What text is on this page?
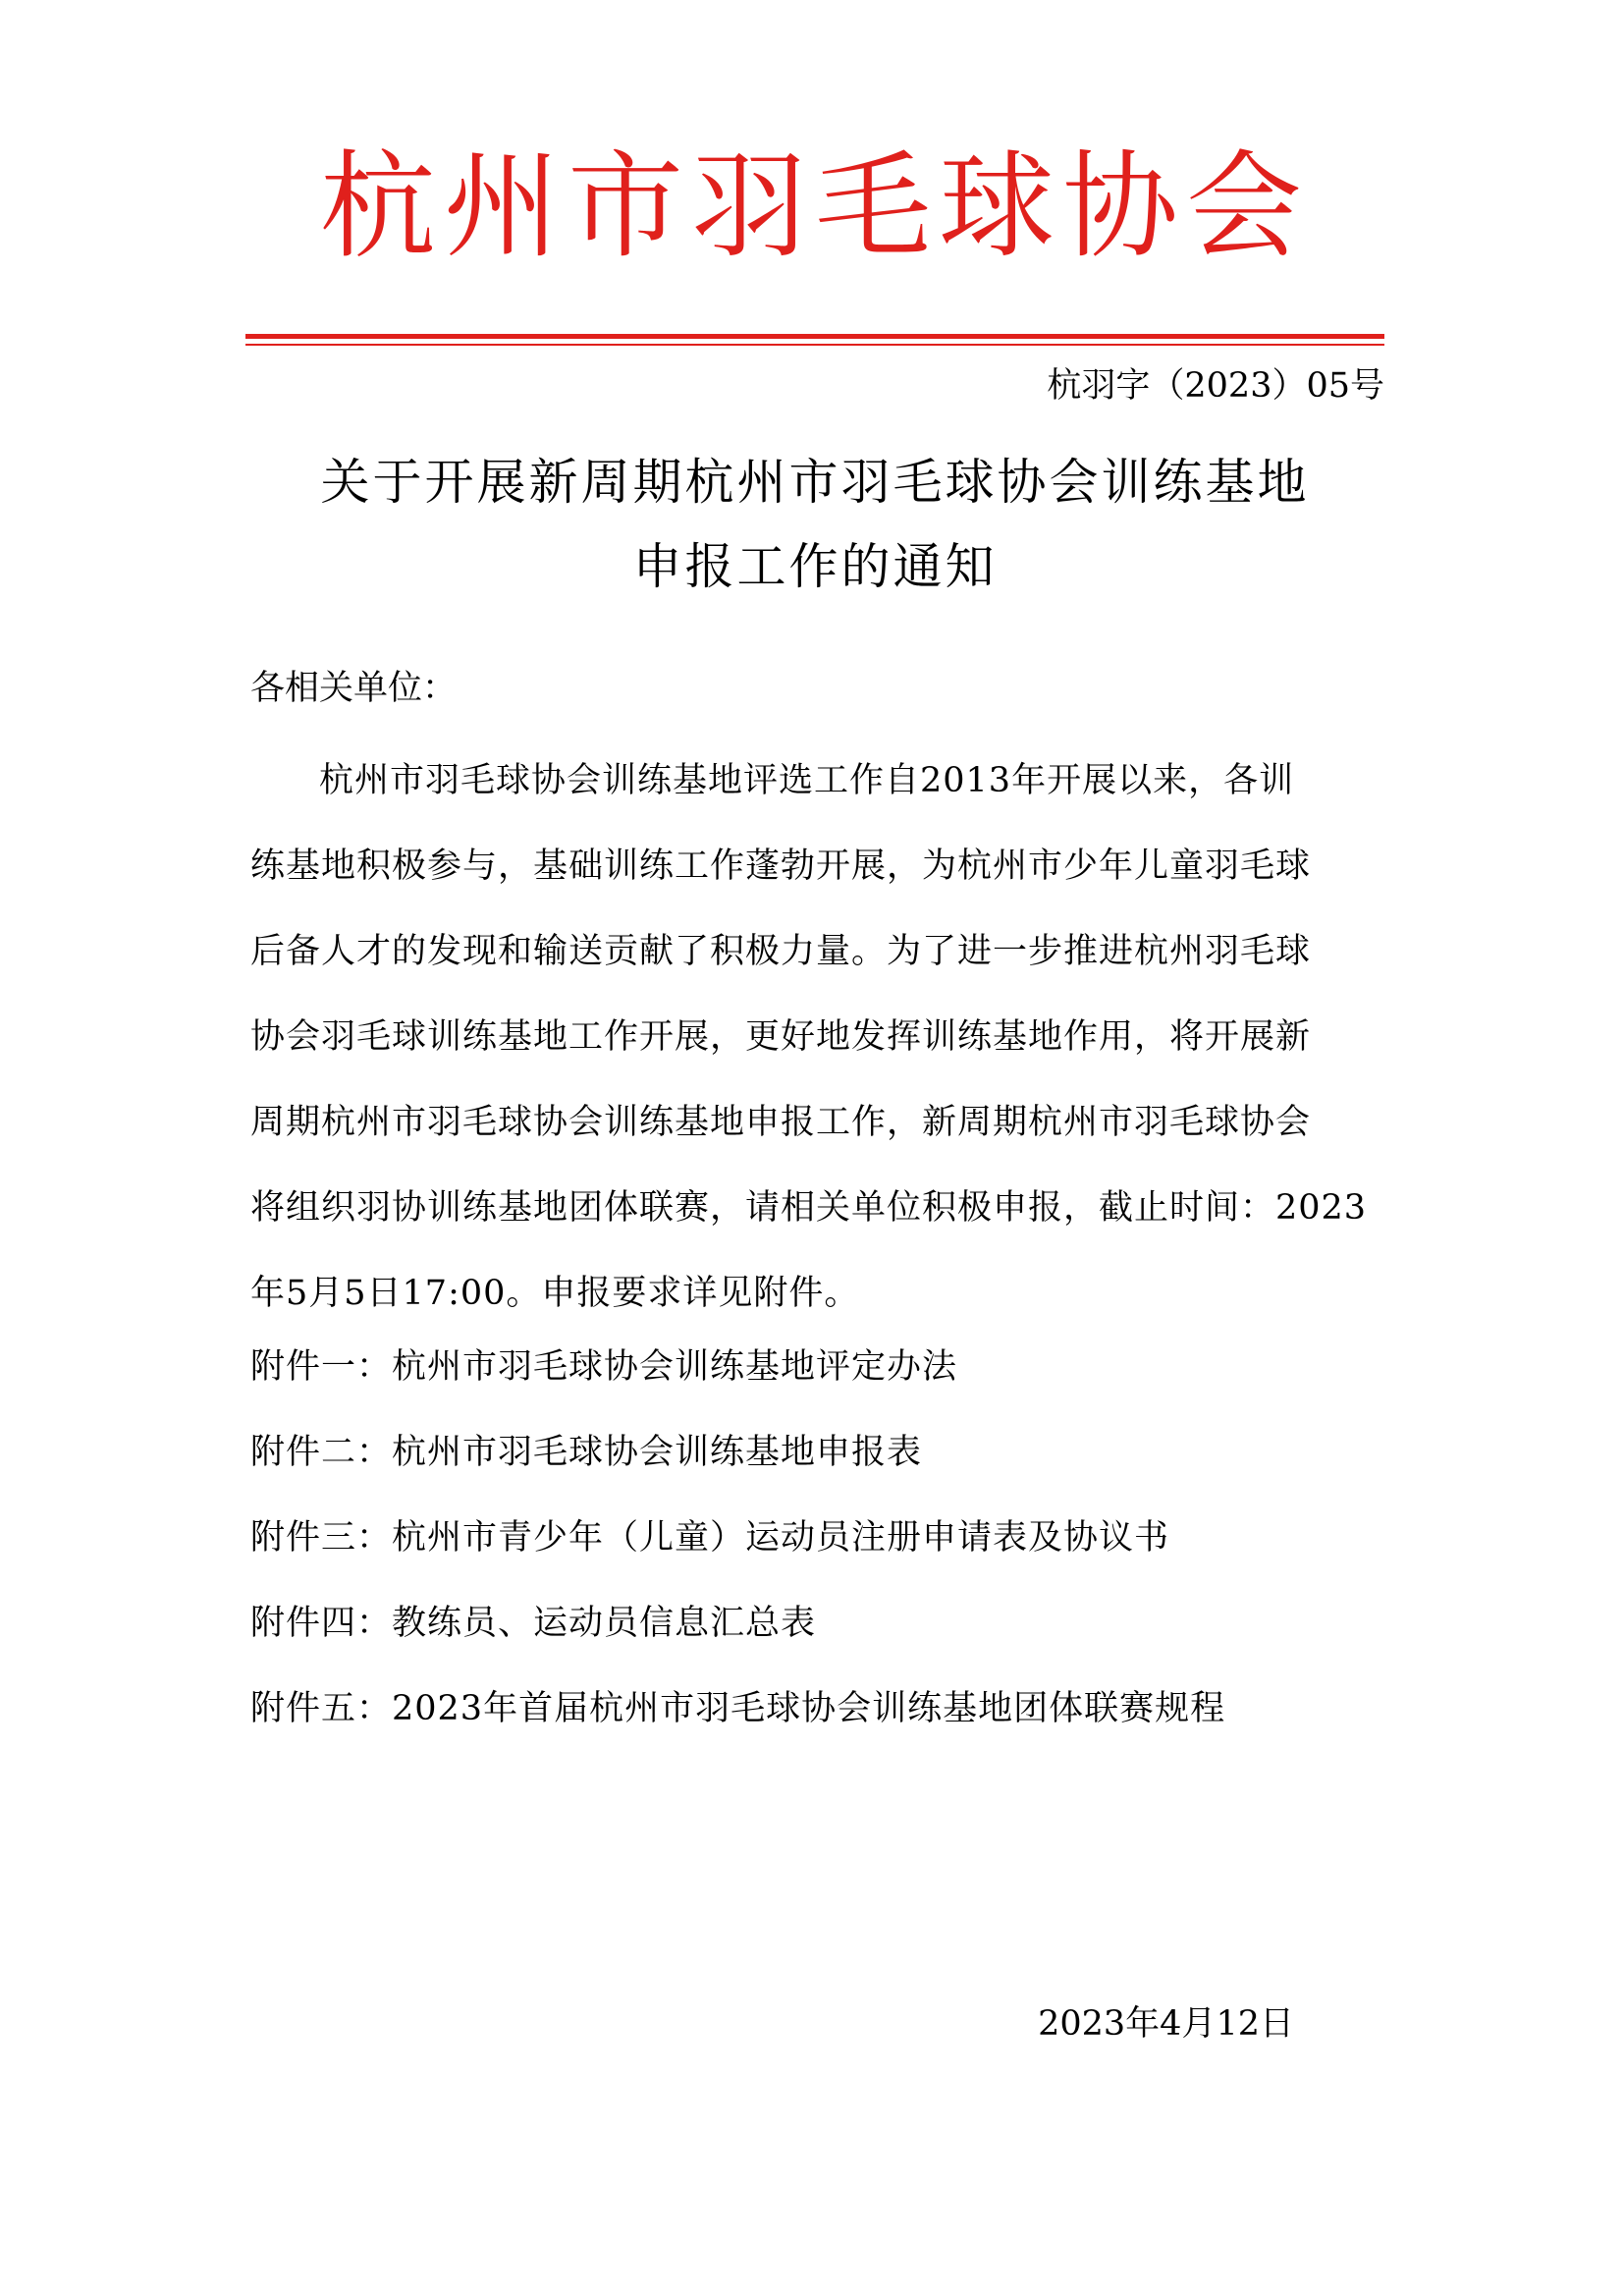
杭州市羽毛球协会
杭羽字（2023）05号
关于开展新周期杭州市羽毛球协会训练基地
申报工作的通知
各相关单位：
杭州市羽毛球协会训练基地评选工作自2013年开展以来，各训
练基地积极参与，基础训练工作蓬勃开展，为杭州市少年儿童羽毛球
后备人才的发现和输送贡献了积极力量。为了进一步推进杭州羽毛球
协会羽毛球训练基地工作开展，更好地发挥训练基地作用，将开展新
周期杭州市羽毛球协会训练基地申报工作，新周期杭州市羽毛球协会
将组织羽协训练基地团体联赛，请相关单位积极申报，截止时间：2023
年5月5日17:00。申报要求详见附件。
附件一：杭州市羽毛球协会训练基地评定办法
附件二：杭州市羽毛球协会训练基地申报表
附件三：杭州市青少年（儿童）运动员注册申请表及协议书
附件四：教练员、运动员信息汇总表
附件五：2023年首届杭州市羽毛球协会训练基地团体联赛规程
2023年4月12日
